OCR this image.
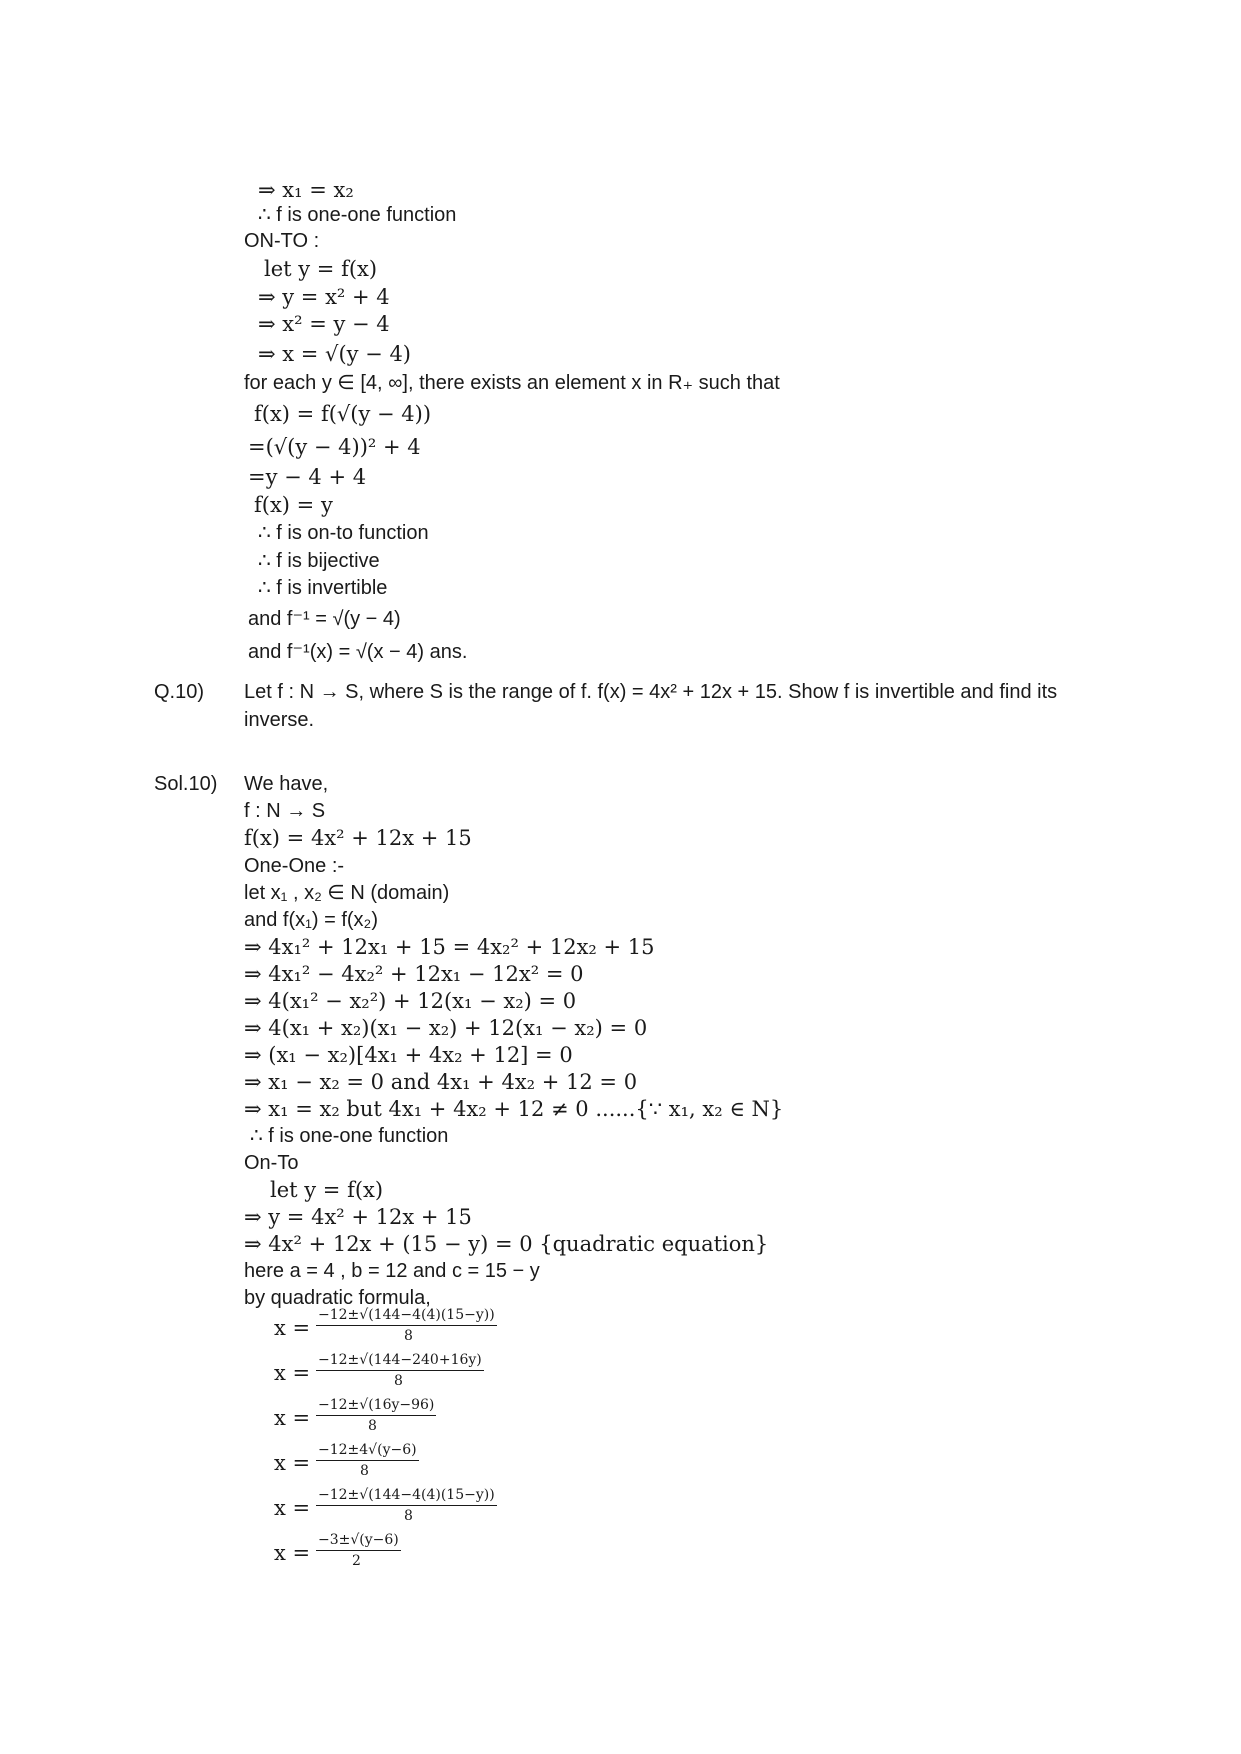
⇒ x₁ = x₂
∴ f is one-one function
ON-TO :
let y = f(x)
⇒ y = x² + 4
⇒ x² = y − 4
⇒ x = √(y − 4)
for each y ∈ [4, ∞], there exists an element x in R₊ such that
f(x) = f(√(y − 4))
=(√(y − 4))² + 4
=y − 4 + 4
f(x) = y
∴ f is on-to function
∴ f is bijective
∴ f is invertible
and f⁻¹ = √(y − 4)
and f⁻¹(x) = √(x − 4) ans.
Q.10) Let f : N → S, where S is the range of f. f(x) = 4x² + 12x + 15. Show f is invertible and find its
inverse.
Sol.10) We have,
f : N → S
f(x) = 4x² + 12x + 15
One-One :-
let x₁ , x₂ ∈ N (domain)
and f(x₁) = f(x₂)
⇒ 4x₁² + 12x₁ + 15 = 4x₂² + 12x₂ + 15
⇒ 4x₁² − 4x₂² + 12x₁ − 12x² = 0
⇒ 4(x₁² − x₂²) + 12(x₁ − x₂) = 0
⇒ 4(x₁ + x₂)(x₁ − x₂) + 12(x₁ − x₂) = 0
⇒ (x₁ − x₂)[4x₁ + 4x₂ + 12] = 0
⇒ x₁ − x₂ = 0 and 4x₁ + 4x₂ + 12 = 0
⇒ x₁ = x₂ but 4x₁ + 4x₂ + 12 ≠ 0 ......{∵ x₁, x₂ ∈ N}
∴ f is one-one function
On-To
let y = f(x)
⇒ y = 4x² + 12x + 15
⇒ 4x² + 12x + (15 − y) = 0 {quadratic equation}
here a = 4 , b = 12 and c = 15 − y
by quadratic formula,
x =
−12±√(144−4(4)(15−y))
8
x =
−12±√(144−240+16y)
8
x =
−12±√(16y−96)
8
x =
−12±4√(y−6)
8
x =
−12±√(144−4(4)(15−y))
8
x =
−3±√(y−6)
2
